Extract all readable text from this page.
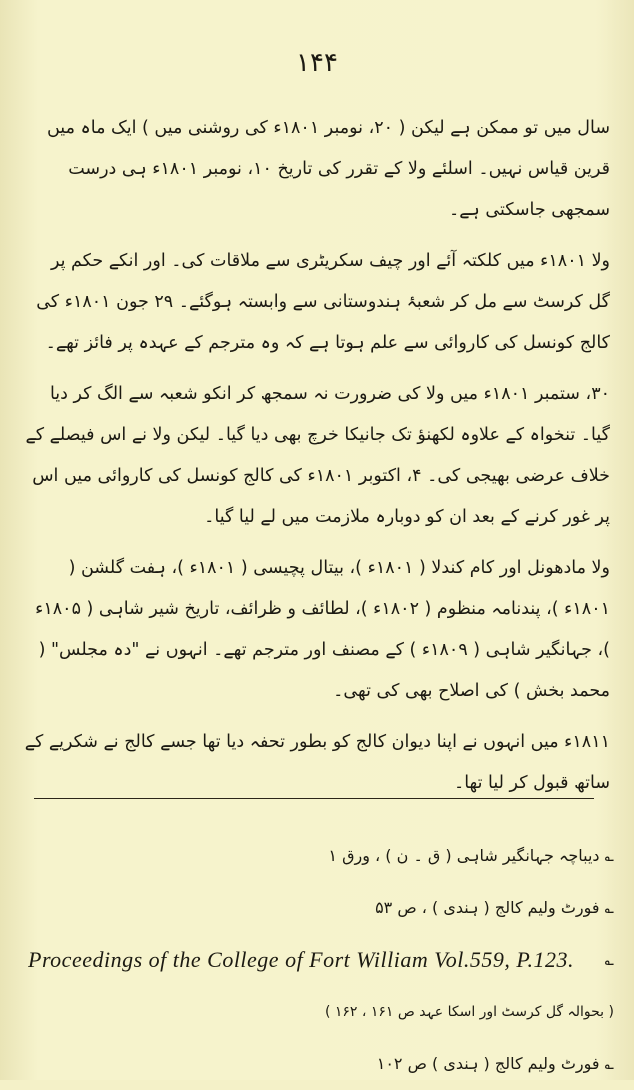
۱۴۴

سال میں تو ممکن ہے لیکن ( ۲۰، نومبر ۱۸۰۱ء کی روشنی میں ) ایک ماہ میں قرین قیاس نہیں۔ اسلئے ولا کے تقرر کی تاریخ ۱۰، نومبر ۱۸۰۱ء ہی درست سمجھی جاسکتی ہے۔

ولا ۱۸۰۱ء میں کلکتہ آئے اور چیف سکریٹری سے ملاقات کی۔ اور انکے حکم پر گل کرسٹ سے مل کر شعبۂ ہندوستانی سے وابستہ ہوگئے۔ ۲۹ جون ۱۸۰۱ء کی کالج کونسل کی کاروائی سے علم ہوتا ہے کہ وہ مترجم کے عہدہ پر فائز تھے۔

۳۰، ستمبر ۱۸۰۱ء میں ولا کی ضرورت نہ سمجھ کر انکو شعبہ سے الگ کر دیا گیا۔ تنخواہ کے علاوہ لکھنؤ تک جانیکا خرچ بھی دیا گیا۔ لیکن ولا نے اس فیصلے کے خلاف عرضی بھیجی کی۔ ۴، اکتوبر ۱۸۰۱ء کی کالج کونسل کی کاروائی میں اس پر غور کرنے کے بعد ان کو دوبارہ ملازمت میں لے لیا گیا۔

ولا مادھونل اور کام کندلا ( ۱۸۰۱ء )، بیتال پچیسی ( ۱۸۰۱ء )، ہفت گلشن ( ۱۸۰۱ء )، پندنامہ منظوم ( ۱۸۰۲ء )، لطائف و ظرائف، تاریخ شیر شاہی ( ۱۸۰۵ء )، جہانگیر شاہی ( ۱۸۰۹ء ) کے مصنف اور مترجم تھے۔ انہوں نے "دہ مجلس" ( محمد بخش ) کی اصلاح بھی کی تھی۔

۱۸۱۱ء میں انہوں نے اپنا دیوان کالج کو بطور تحفہ دیا تھا جسے کالج نے شکریے کے ساتھ قبول کر لیا تھا۔

؎ دیباچہ جہانگیر شاہی ( ق ۔ ن ) ، ورق ۱
؎ فورٹ ولیم کالج ( ہندی ) ، ص ۵۳
؎
Proceedings of the College of Fort William Vol.559, P.123.
( بحوالہ گل کرسٹ اور اسکا عہد ص ۱۶۱ ، ۱۶۲ )
؎ فورٹ ولیم کالج ( ہندی ) ص ۱۰۲
